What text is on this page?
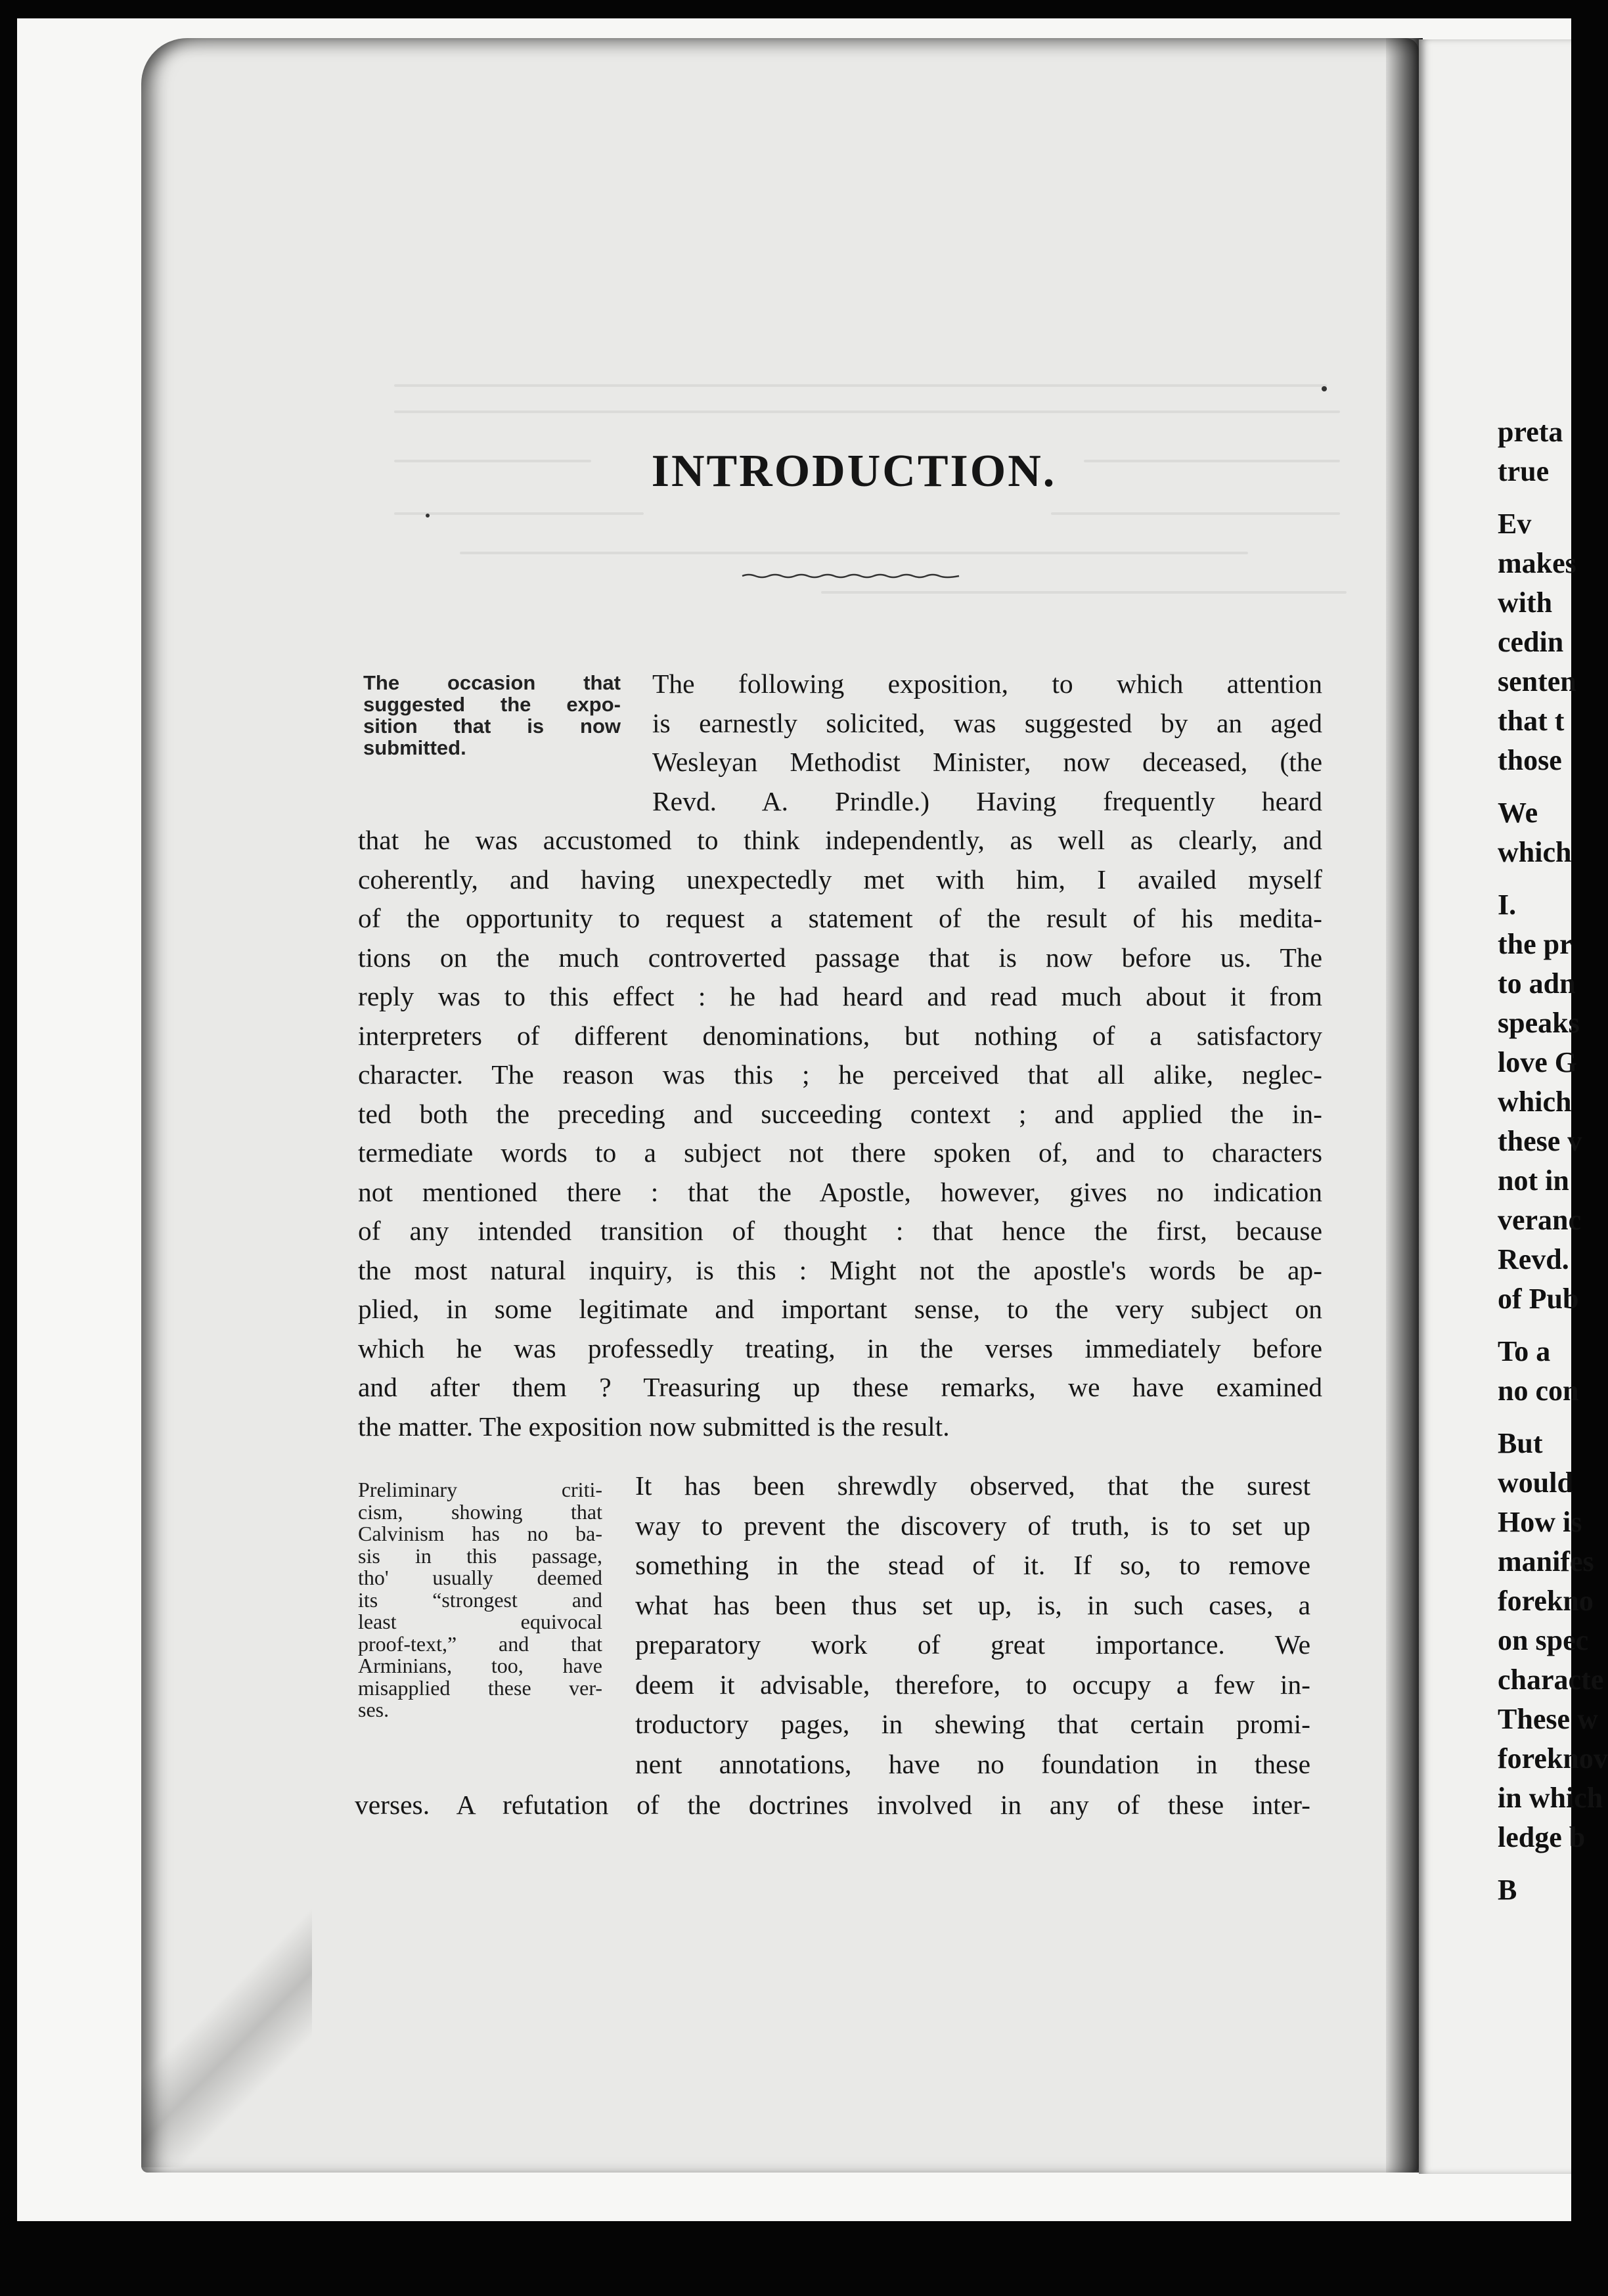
INTRODUCTION.
The occasion that
suggested the expo-
sition that is now
submitted.
The following exposition, to which attention
is earnestly solicited, was suggested by an aged
Wesleyan Methodist Minister, now deceased, (the
Revd. A. Prindle.) Having frequently heard
that he was accustomed to think independently, as well as clearly, and
coherently, and having unexpectedly met with him, I availed myself
of the opportunity to request a statement of the result of his medita-
tions on the much controverted passage that is now before us. The
reply was to this effect : he had heard and read much about it from
interpreters of different denominations, but nothing of a satisfactory
character. The reason was this ; he perceived that all alike, neglec-
ted both the preceding and succeeding context ; and applied the in-
termediate words to a subject not there spoken of, and to characters
not mentioned there : that the Apostle, however, gives no indication
of any intended transition of thought : that hence the first, because
the most natural inquiry, is this : Might not the apostle's words be ap-
plied, in some legitimate and important sense, to the very subject on
which he was professedly treating, in the verses immediately before
and after them ? Treasuring up these remarks, we have examined
the matter. The exposition now submitted is the result.
Preliminary criti-
cism, showing that
Calvinism has no ba-
sis in this passage,
tho' usually deemed
its “strongest and
least equivocal
proof-text,” and that
Arminians, too, have
misapplied these ver-
ses.
It has been shrewdly observed, that the surest
way to prevent the discovery of truth, is to set up
something in the stead of it. If so, to remove
what has been thus set up, is, in such cases, a
preparatory work of great importance. We
deem it advisable, therefore, to occupy a few in-
troductory pages, in shewing that certain promi-
nent annotations, have no foundation in these
verses. A refutation of the doctrines involved in any of these inter-
preta
true
Ev
makes
with
cedin
senten
that t
those
We
which
I.
the pr
to adn
speaks
love G
which
these v
not in
veranc
Revd.
of Pub
To a
no con
But
would
How is
manifes
forekno
on spec
characte
These w
foreknov
in which
ledge b
B
